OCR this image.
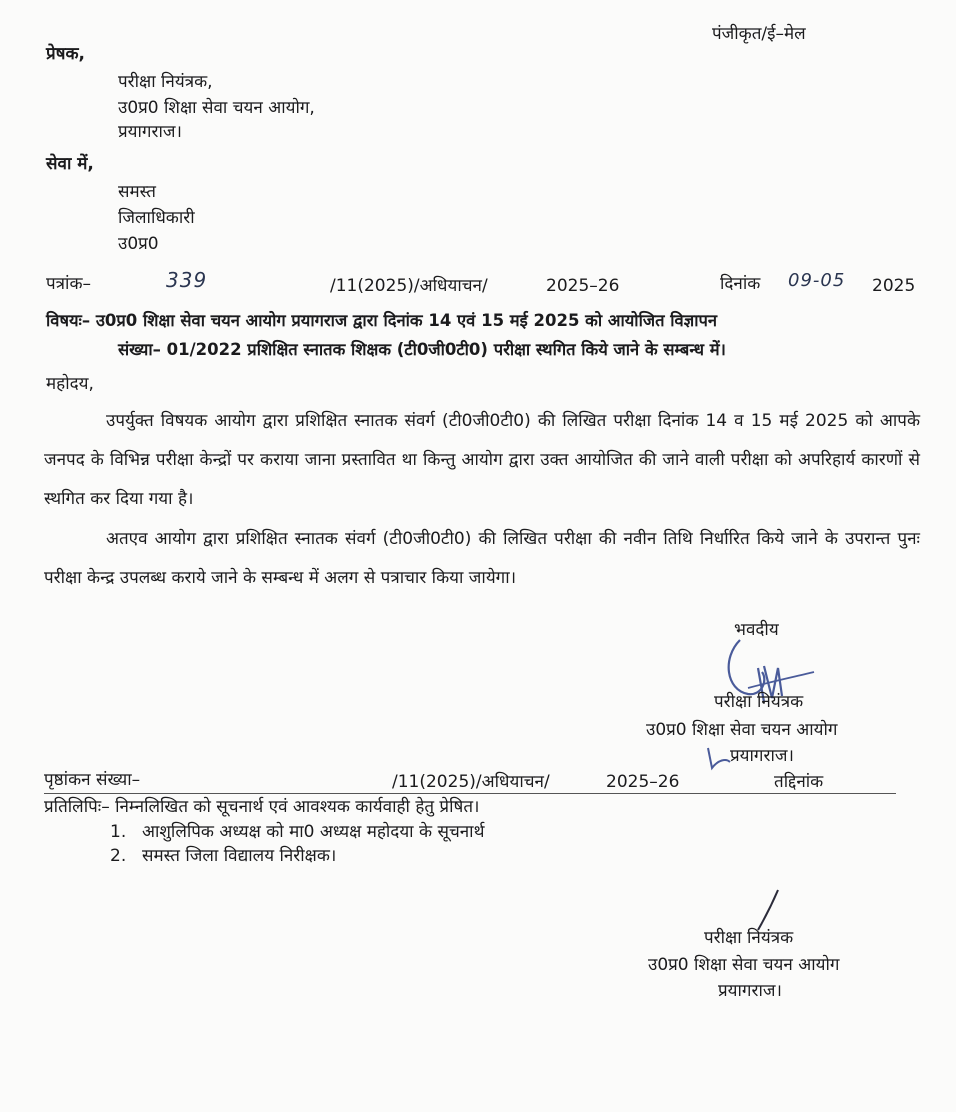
पंजीकृत/ई–मेल
प्रेषक,
परीक्षा नियंत्रक,
उ0प्र0 शिक्षा सेवा चयन आयोग,
प्रयागराज।
सेवा में,
समस्त
जिलाधिकारी
उ0प्र0
पत्रांक–	339	/11(2025)/अधियाचन/	2025–26	दिनांक 09-05 2025
विषयः– उ0प्र0 शिक्षा सेवा चयन आयोग प्रयागराज द्वारा दिनांक 14 एवं 15 मई 2025 को आयोजित विज्ञापन
संख्या– 01/2022 प्रशिक्षित स्नातक शिक्षक (टी0जी0टी0) परीक्षा स्थगित किये जाने के सम्बन्ध में।
महोदय,
उपर्युक्त विषयक आयोग द्वारा प्रशिक्षित स्नातक संवर्ग (टी0जी0टी0) की लिखित परीक्षा दिनांक 14 व 15 मई 2025 को आपके जनपद के विभिन्न परीक्षा केन्द्रों पर कराया जाना प्रस्तावित था किन्तु आयोग द्वारा उक्त आयोजित की जाने वाली परीक्षा को अपरिहार्य कारणों से स्थगित कर दिया गया है।
अतएव आयोग द्वारा प्रशिक्षित स्नातक संवर्ग (टी0जी0टी0) की लिखित परीक्षा की नवीन तिथि निर्धारित किये जाने के उपरान्त पुनः परीक्षा केन्द्र उपलब्ध कराये जाने के सम्बन्ध में अलग से पत्राचार किया जायेगा।
भवदीय
परीक्षा नियंत्रक
उ0प्र0 शिक्षा सेवा चयन आयोग
प्रयागराज।
पृष्ठांकन संख्या–	/11(2025)/अधियाचन/	2025–26	तद्दिनांक
प्रतिलिपिः– निम्नलिखित को सूचनार्थ एवं आवश्यक कार्यवाही हेतु प्रेषित।
1. आशुलिपिक अध्यक्ष को मा0 अध्यक्ष महोदया के सूचनार्थ
2. समस्त जिला विद्यालय निरीक्षक।
परीक्षा नियंत्रक
उ0प्र0 शिक्षा सेवा चयन आयोग
प्रयागराज।
